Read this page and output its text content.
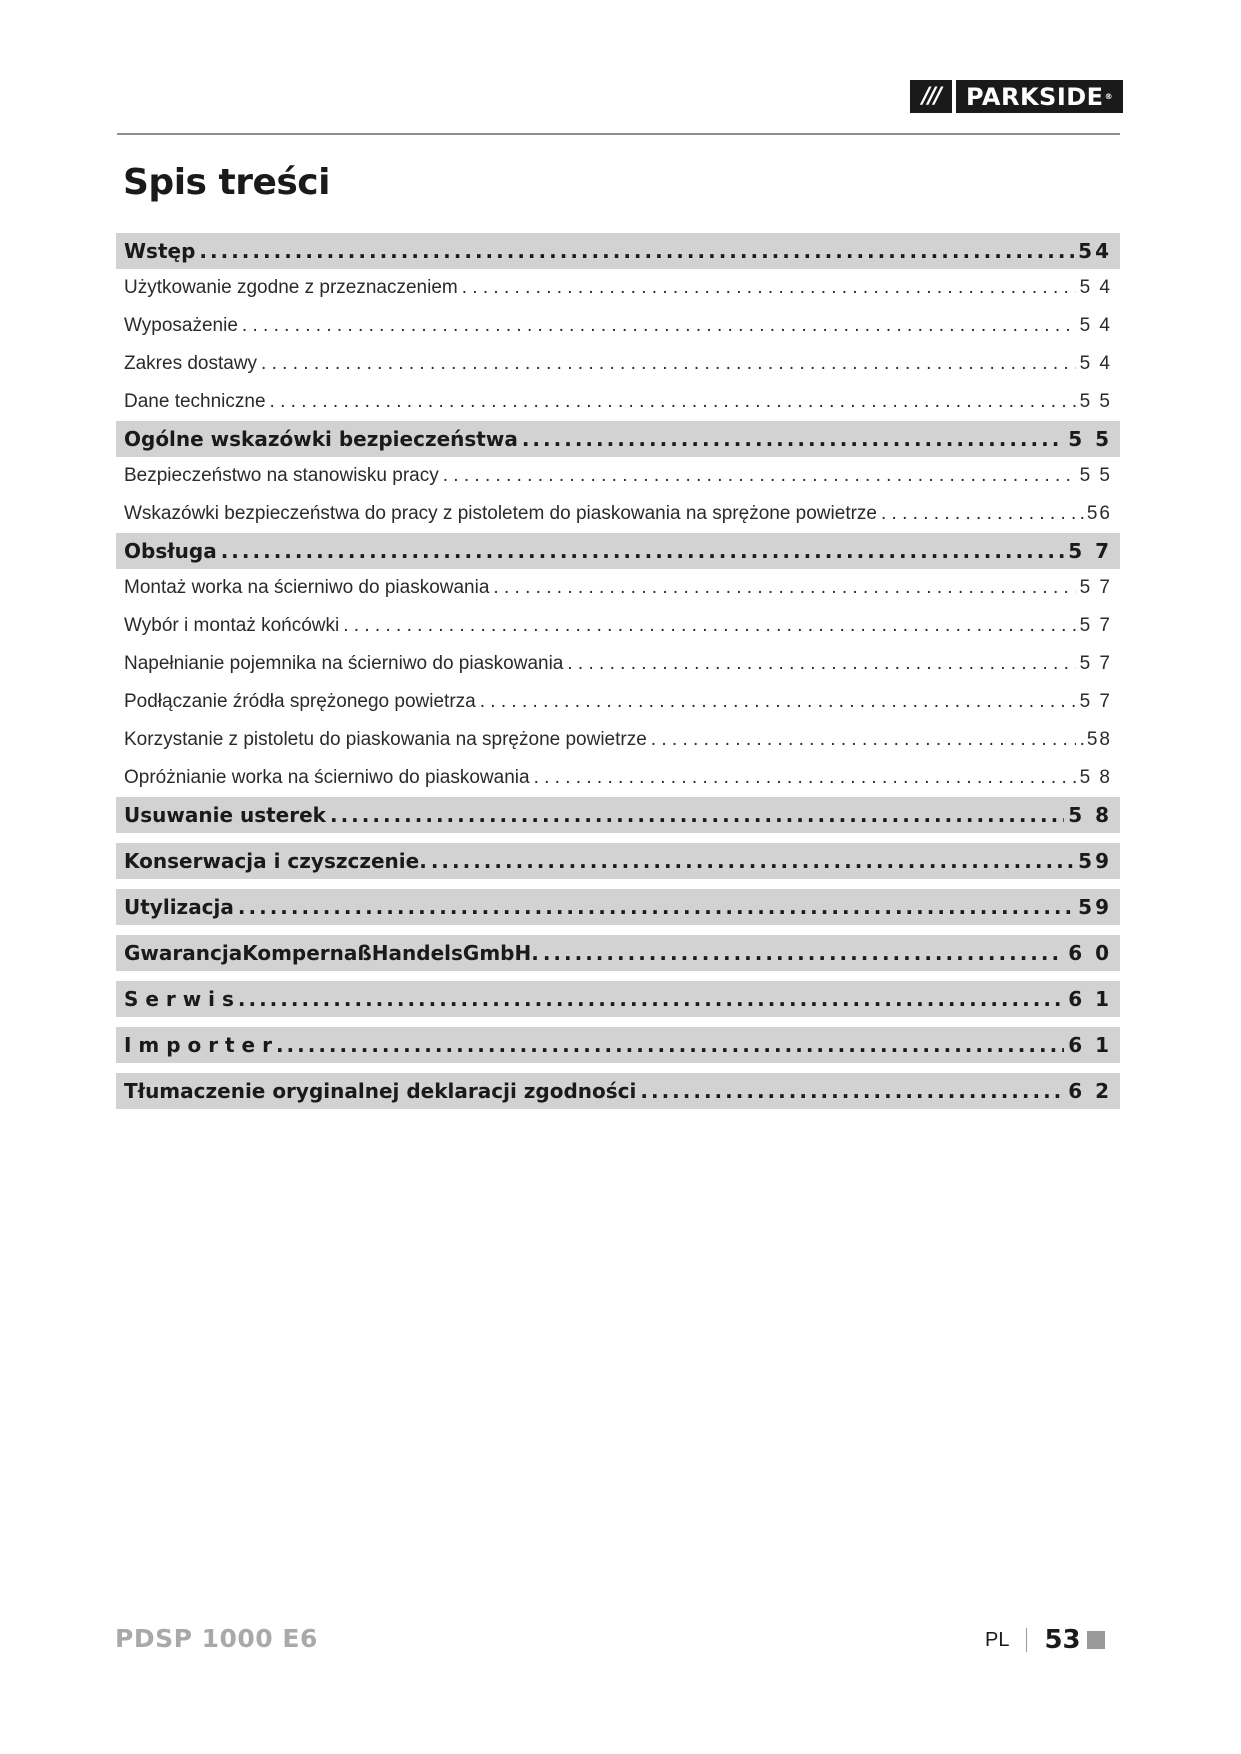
///	PARKSIDE ®
Spis treści
Wstęp .....	54
Użytkowanie zgodne z przeznaczeniem . . .	5 4
Wyposażenie . . .	5 4
Zakres dostawy . . .	5 4
Dane techniczne . . .	5 5
Ogólne wskazówki bezpieczeństwa .....	5 5
Bezpieczeństwo na stanowisku pracy . . .	5 5
Wskazówki bezpieczeństwa do pracy z pistoletem do piaskowania na sprężone powietrze . . .	.56
Obsługa .....	5 7
Montaż worka na ścierniwo do piaskowania . . .	5 7
Wybór i montaż końcówki . . .	5 7
Napełnianie pojemnika na ścierniwo do piaskowania . . .	5 7
Podłączanie źródła sprężonego powietrza . . .	5 7
Korzystanie z pistoletu do piaskowania na sprężone powietrze . . .	.58
Opróżnianie worka na ścierniwo do piaskowania . . .	5 8
Usuwanie usterek .....	5 8
Konserwacja i czyszczenie. .....	59
Utylizacja .....	59
GwarancjaKompernaßHandelsGmbH. .....	6 0
S e r w i s .....	6 1
I m p o r t e r .....	6 1
Tłumaczenie oryginalnej deklaracji zgodności .....	6 2
PDSP 1000 E6	PL 53
